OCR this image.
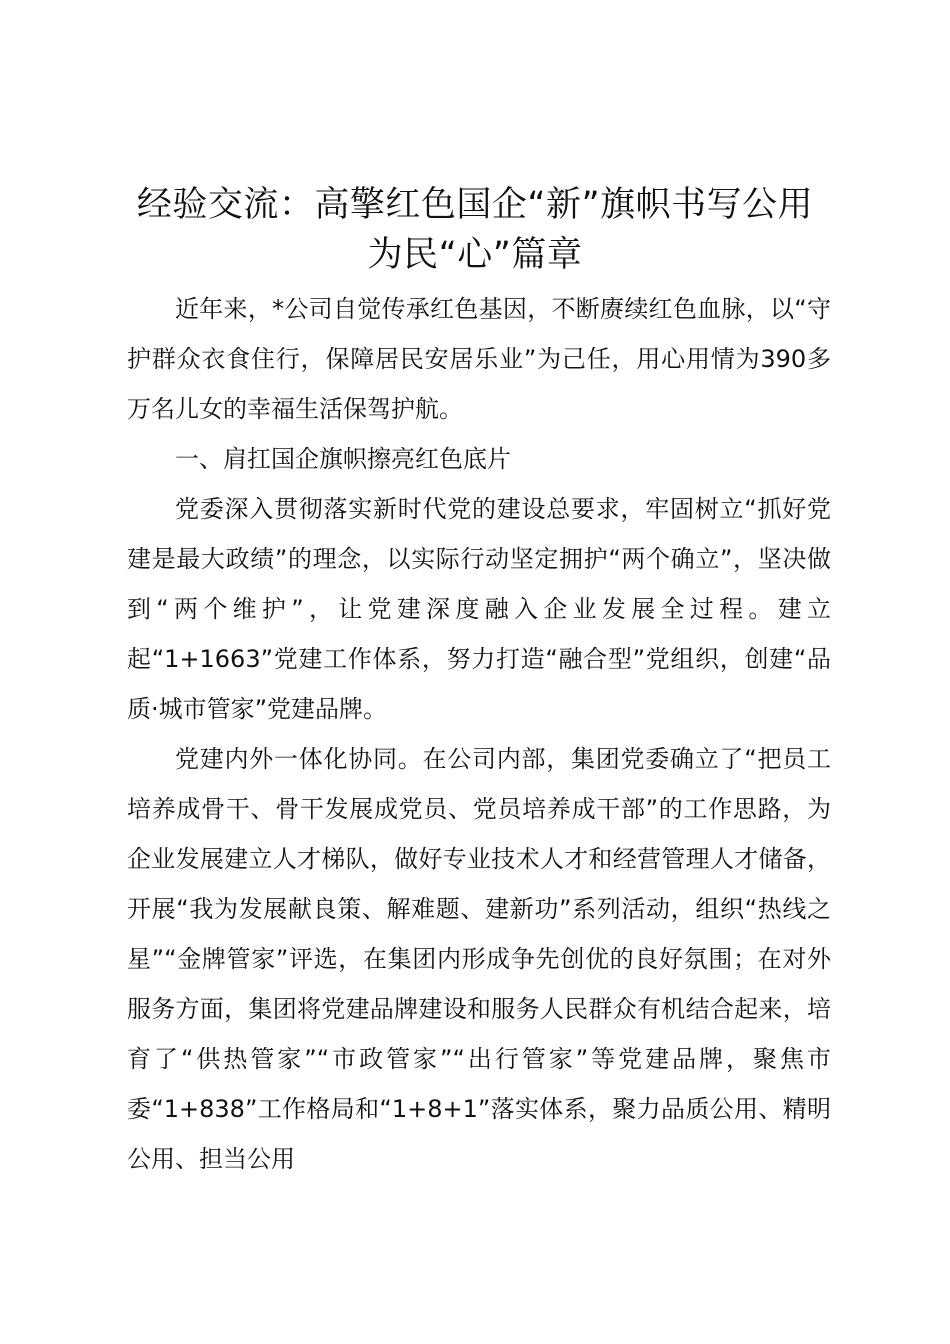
经验交流：高擎红色国企“新”旗帜书写公用为民“心”篇章

近年来，*公司自觉传承红色基因，不断赓续红色血脉，以“守护群众衣食住行，保障居民安居乐业”为己任，用心用情为390多万名儿女的幸福生活保驾护航。

一、肩扛国企旗帜擦亮红色底片

党委深入贯彻落实新时代党的建设总要求，牢固树立“抓好党建是最大政绩”的理念，以实际行动坚定拥护“两个确立”，坚决做到“两个维护”，让党建深度融入企业发展全过程。建立起“1+1663”党建工作体系，努力打造“融合型”党组织，创建“品质·城市管家”党建品牌。

党建内外一体化协同。在公司内部，集团党委确立了“把员工培养成骨干、骨干发展成党员、党员培养成干部”的工作思路，为企业发展建立人才梯队，做好专业技术人才和经营管理人才储备，开展“我为发展献良策、解难题、建新功”系列活动，组织“热线之星”“金牌管家”评选，在集团内形成争先创优的良好氛围；在对外服务方面，集团将党建品牌建设和服务人民群众有机结合起来，培育了“供热管家”“市政管家”“出行管家”等党建品牌，聚焦市委“1+838”工作格局和“1+8+1”落实体系，聚力品质公用、精明公用、担当公用
